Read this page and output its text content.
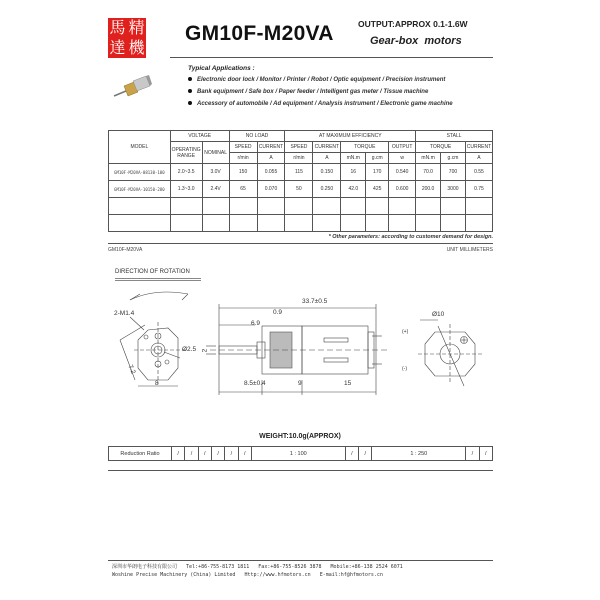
馬 精
達 機
GM10F-M20VA	OUTPUT:APPROX 0.1-1.6W
Gear-box  motors
Typical Applications :
Electronic door lock / Monitor / Printer / Robot / Optic equipment / Precision instrument
Bank equipment / Safe box / Paper feeder / Intelligent gas meter / Tissue machine
Accessory of automobile / Ad equipment / Analysis instrument / Electronic game machine
MODEL	VOLTAGE		NO LOAD		AT MAXIMUM EFFICIENCY					STALL		
	OPERATING RANGE	NOMINAL	SPEED	CURRENT	SPEED	CURRENT	TORQUE		OUTPUT	TORQUE		CURRENT
			r/min	A	r/min	A	mN.m	g.cm	w	mN.m	g.cm	A
GM10F-M20VA-08130-100	2.0~3.5	3.0V	150	0.055	115	0.150	16	170	0.540	70.0	700	0.55
GM10F-M20VA-10150-280	1.3~3.0	2.4V	65	0.070	50	0.250	42.0	425	0.600	200.0	3000	0.75

* Other parameters: according to customer demand for design.
GM10F-M20VA	UNIT MILLIMETERS
DIRECTION OF ROTATION
2-M1.4
Ø2.5
7.2
8
33.7±0.5
0.9
6.9
2
8.5±0.4	9	15
(+)
(-)
Ø10
WEIGHT:10.0g(APPROX)
Reduction Ratio	/	/	/	/	/	/	1 : 100	/	/	1 : 250	/	/
深圳市华朗电子科技有限公司 Tel:+86-755-8173 1811 Fax:+86-755-8526 3878 Mobile:+86-138 2524 6071
Woshine Precise Machinery (China) Limited Http://www.hfmotors.cn E-mail:hf@hfmotors.cn
